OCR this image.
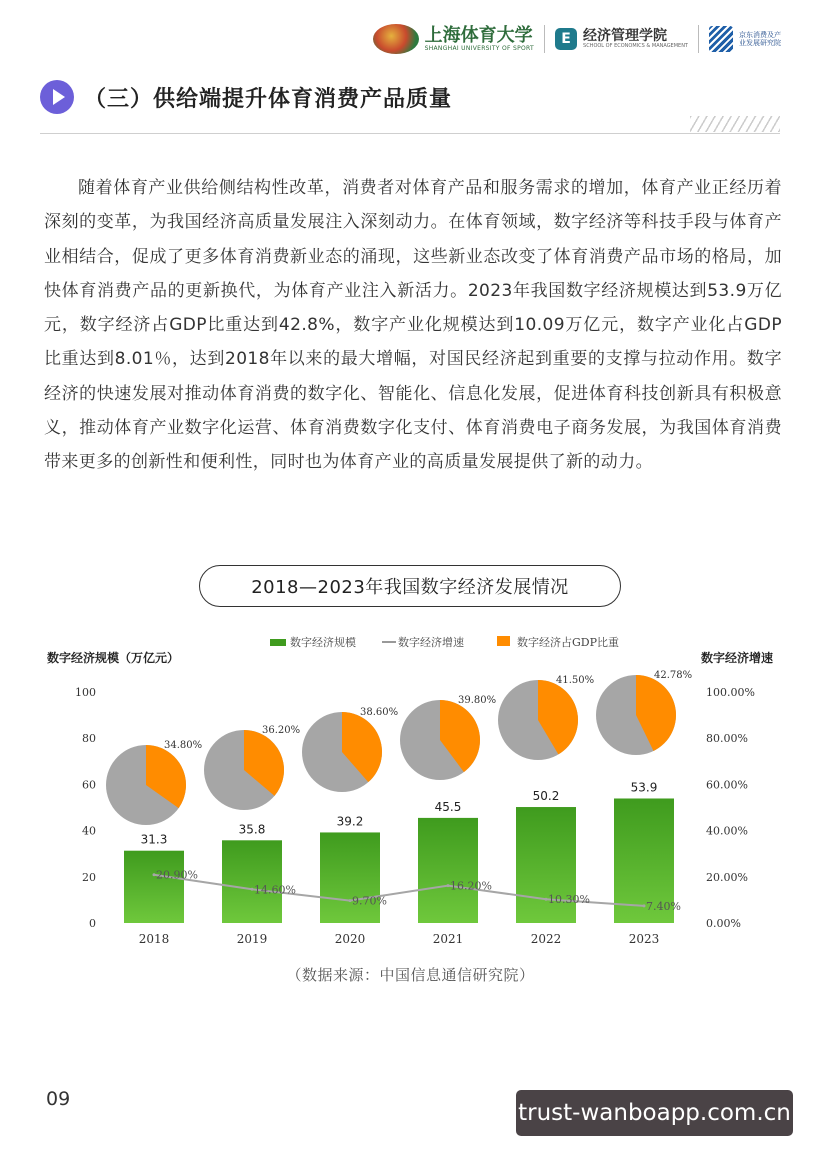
上海体育大学
SHANGHAI UNIVERSITY OF SPORT
E 经济管理学院
SCHOOL OF ECONOMICS & MANAGEMENT
京东消费及产业发展研究院
（三）供给端提升体育消费产品质量

随着体育产业供给侧结构性改革，消费者对体育产品和服务需求的增加，体育产业正经历着深刻的变革，为我国经济高质量发展注入深刻动力。在体育领域，数字经济等科技手段与体育产业相结合，促成了更多体育消费新业态的涌现，这些新业态改变了体育消费产品市场的格局，加快体育消费产品的更新换代，为体育产业注入新活力。2023年我国数字经济规模达到53.9万亿元，数字经济占GDP比重达到42.8%，数字产业化规模达到10.09万亿元，数字产业化占GDP比重达到8.01％，达到2018年以来的最大增幅，对国民经济起到重要的支撑与拉动作用。数字经济的快速发展对推动体育消费的数字化、智能化、信息化发展，促进体育科技创新具有积极意义，推动体育产业数字化运营、体育消费数字化支付、体育消费电子商务发展，为我国体育消费带来更多的创新性和便利性，同时也为体育产业的高质量发展提供了新的动力。

2018—2023年我国数字经济发展情况
数字经济规模（万亿元）	数字经济增速
数字经济规模	数字经济增速	数字经济占GDP比重
0
20
40
60
80
100
0.00%
20.00%
40.00%
60.00%
80.00%
100.00%
31.3
2018
35.8
2019
39.2
2020
45.5
2021
50.2
2022
53.9
2023
20.90%
14.60%
9.70%
16.20%
10.30%
7.40%
34.80%
36.20%
38.60%
39.80%
41.50%	42.78%
（数据来源：中国信息通信研究院）
09
trust-wanboapp.com.cn
